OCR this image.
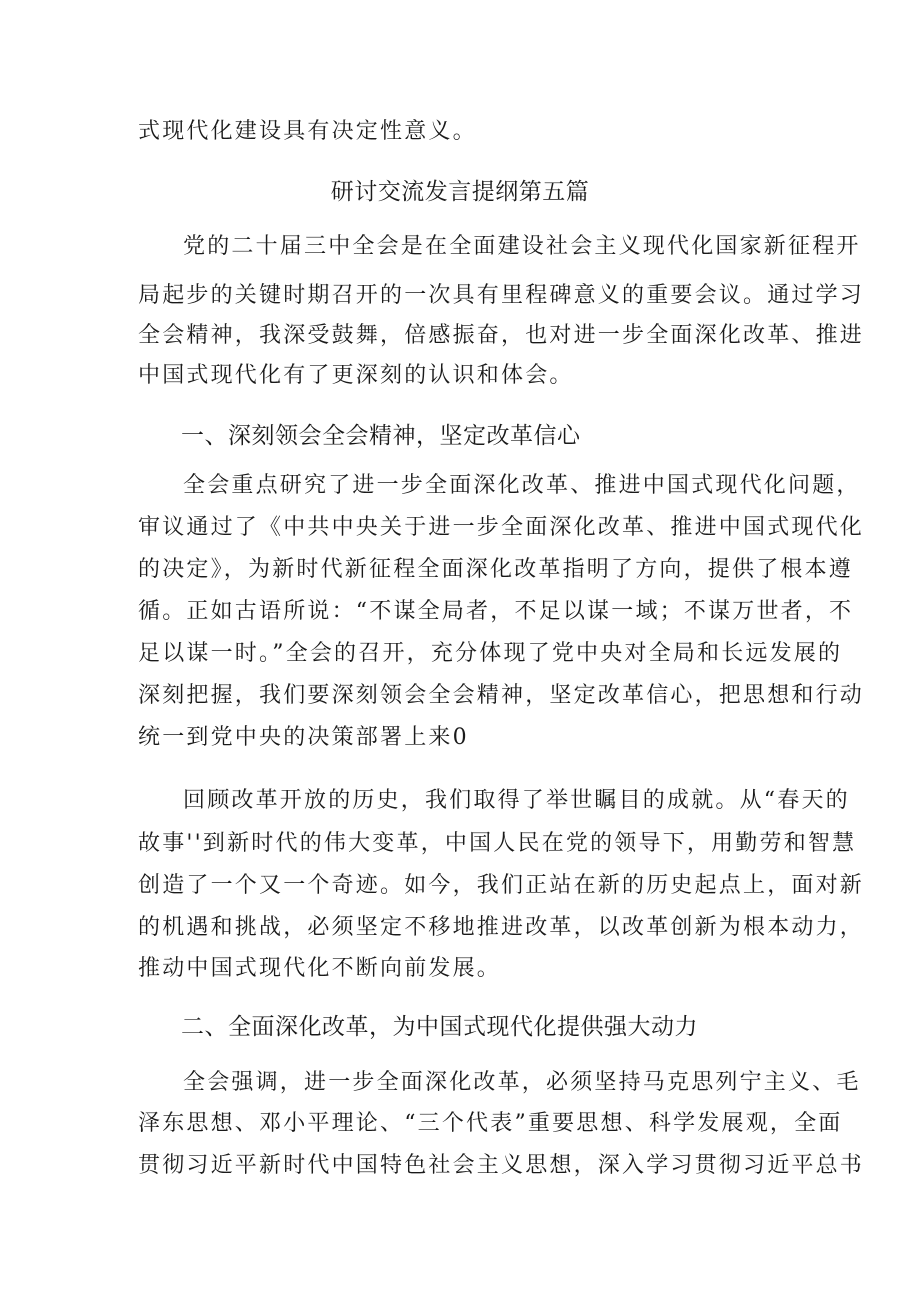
式现代化建设具有决定性意义。
研讨交流发言提纲第五篇
党的二十届三中全会是在全面建设社会主义现代化国家新征程开
局起步的关键时期召开的一次具有里程碑意义的重要会议。通过学习
全会精神，我深受鼓舞，倍感振奋，也对进一步全面深化改革、推进
中国式现代化有了更深刻的认识和体会。
一、深刻领会全会精神，坚定改革信心
全会重点研究了进一步全面深化改革、推进中国式现代化问题，
审议通过了《中共中央关于进一步全面深化改革、推进中国式现代化
的决定》，为新时代新征程全面深化改革指明了方向，提供了根本遵
循。正如古语所说：“不谋全局者，不足以谋一域；不谋万世者，不
足以谋一时。”全会的召开，充分体现了党中央对全局和长远发展的
深刻把握，我们要深刻领会全会精神，坚定改革信心，把思想和行动
统一到党中央的决策部署上来0
回顾改革开放的历史，我们取得了举世瞩目的成就。从“春天的
故事''到新时代的伟大变革，中国人民在党的领导下，用勤劳和智慧
创造了一个又一个奇迹。如今，我们正站在新的历史起点上，面对新
的机遇和挑战，必须坚定不移地推进改革，以改革创新为根本动力，
推动中国式现代化不断向前发展。
二、全面深化改革，为中国式现代化提供强大动力
全会强调，进一步全面深化改革，必须坚持马克思列宁主义、毛
泽东思想、邓小平理论、“三个代表”重要思想、科学发展观，全面
贯彻习近平新时代中国特色社会主义思想，深入学习贯彻习近平总书
